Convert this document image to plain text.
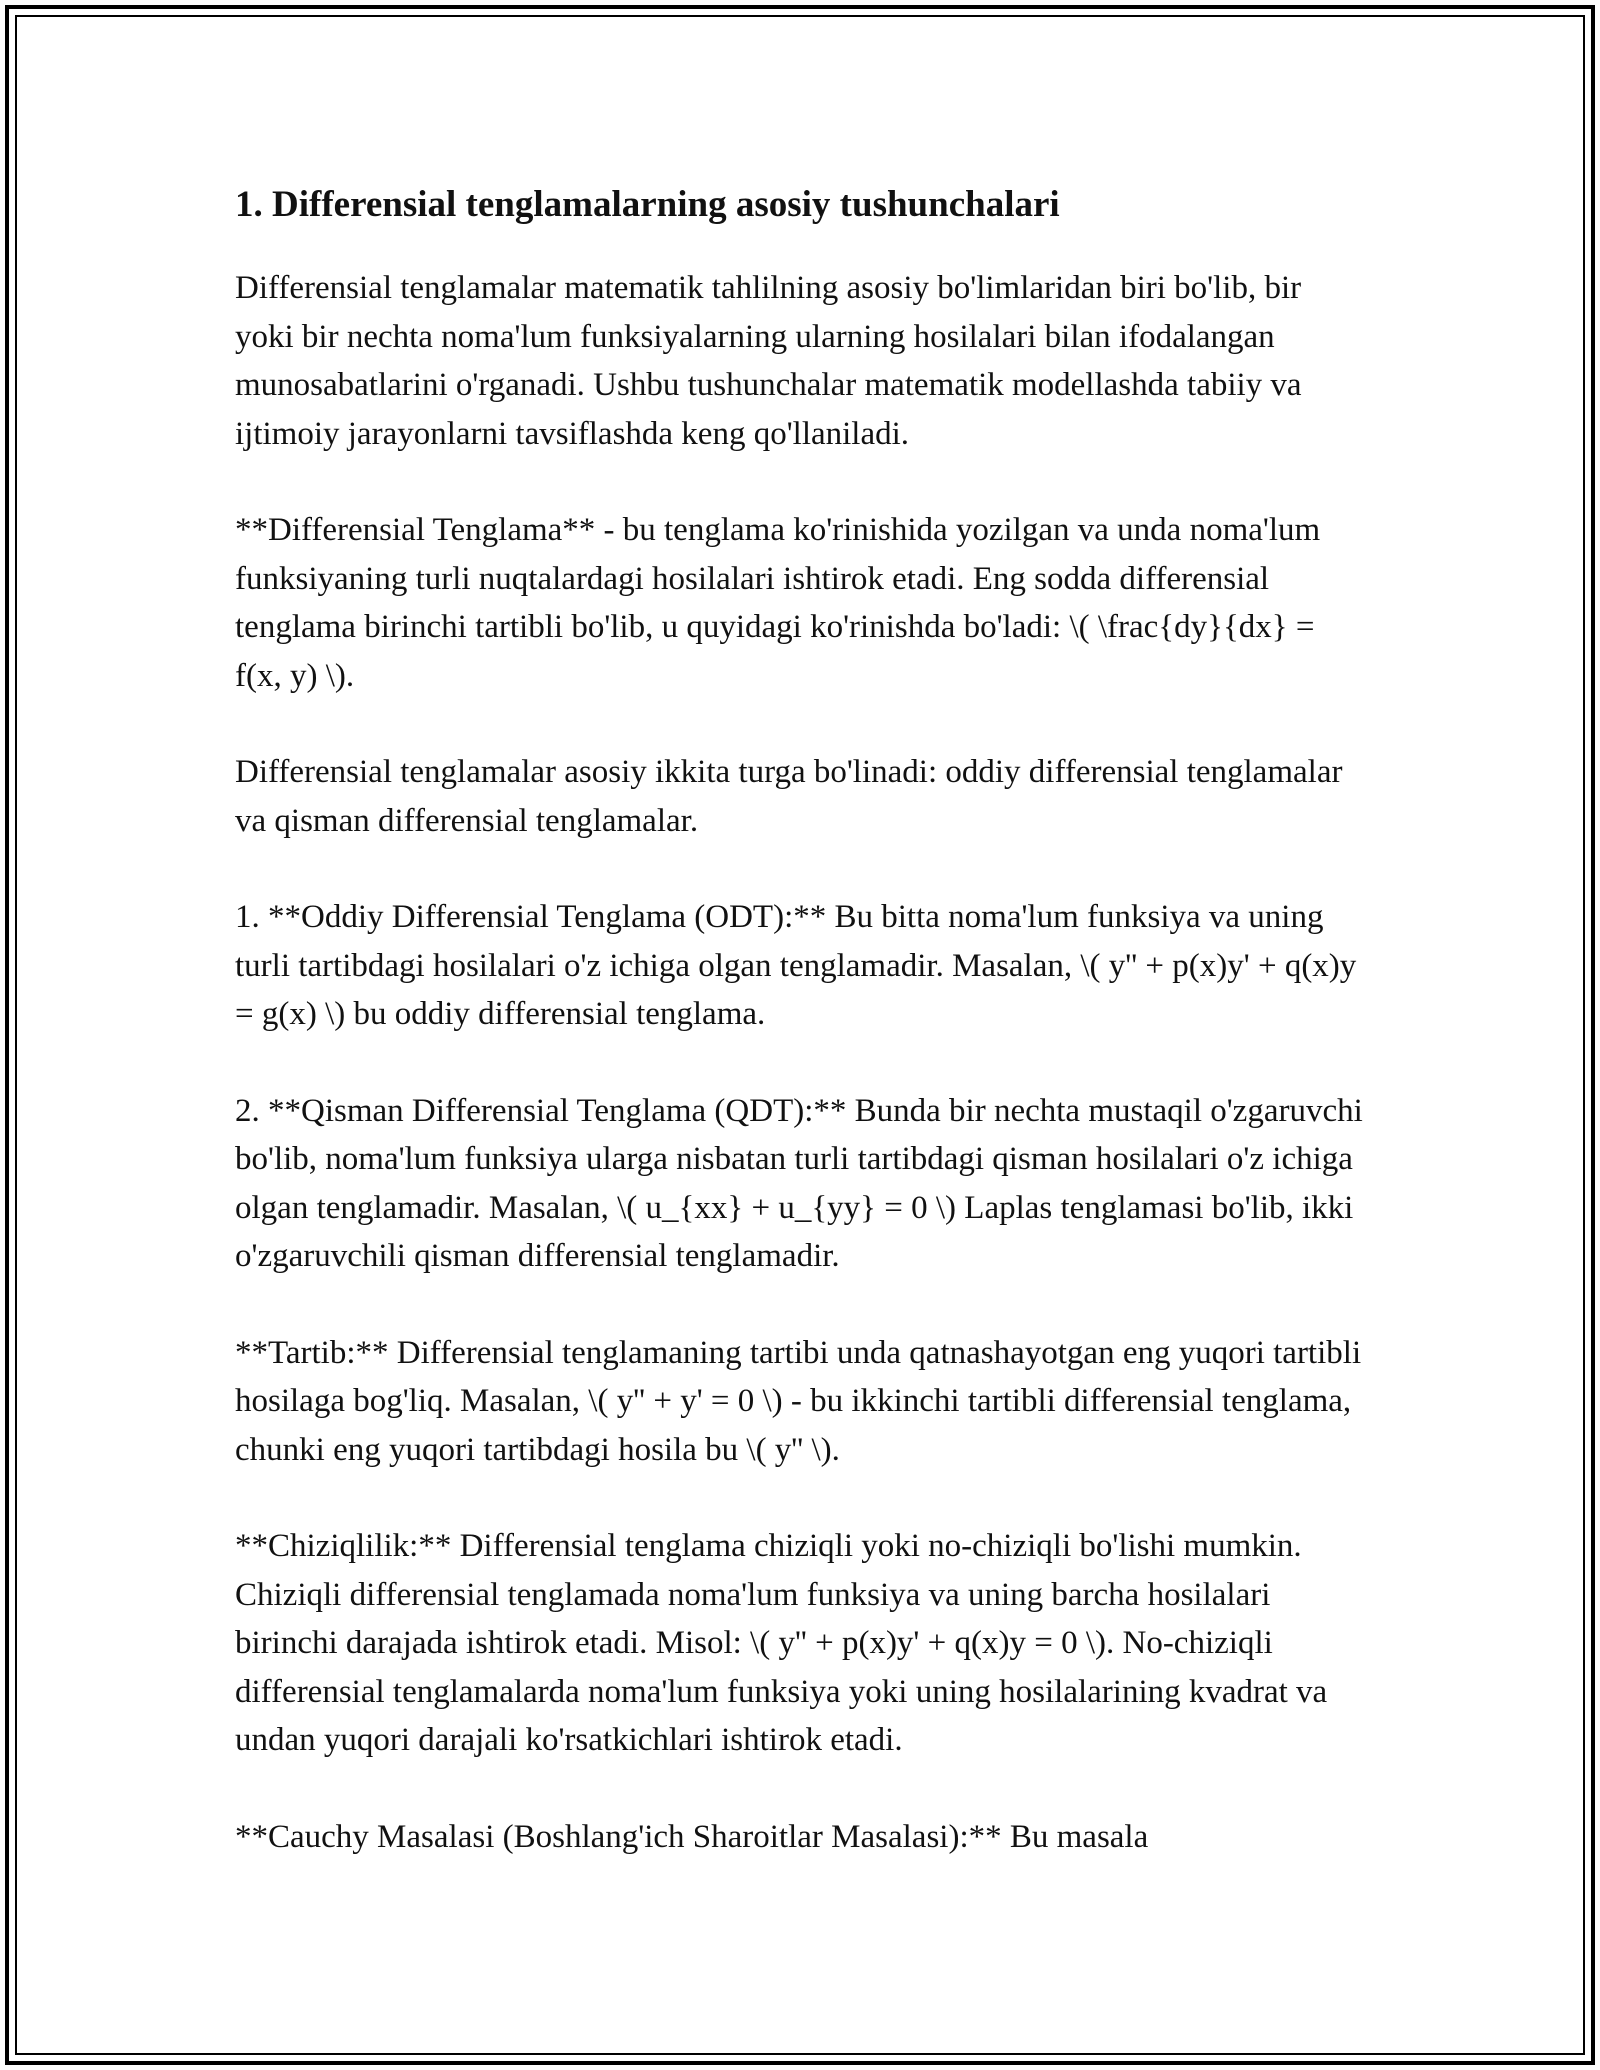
1. Differensial tenglamalarning asosiy tushunchalari

Differensial tenglamalar matematik tahlilning asosiy bo'limlaridan biri bo'lib, bir yoki bir nechta noma'lum funksiyalarning ularning hosilalari bilan ifodalangan munosabatlarini o'rganadi. Ushbu tushunchalar matematik modellashda tabiiy va ijtimoiy jarayonlarni tavsiflashda keng qo'llaniladi.

**Differensial Tenglama** - bu tenglama ko'rinishida yozilgan va unda noma'lum funksiyaning turli nuqtalardagi hosilalari ishtirok etadi. Eng sodda differensial tenglama birinchi tartibli bo'lib, u quyidagi ko'rinishda bo'ladi: \( \frac{dy}{dx} = f(x, y) \).

Differensial tenglamalar asosiy ikkita turga bo'linadi: oddiy differensial tenglamalar va qisman differensial tenglamalar.

1. **Oddiy Differensial Tenglama (ODT):** Bu bitta noma'lum funksiya va uning turli tartibdagi hosilalari o'z ichiga olgan tenglamadir. Masalan, \( y'' + p(x)y' + q(x)y = g(x) \) bu oddiy differensial tenglama.

2. **Qisman Differensial Tenglama (QDT):** Bunda bir nechta mustaqil o'zgaruvchi bo'lib, noma'lum funksiya ularga nisbatan turli tartibdagi qisman hosilalari o'z ichiga olgan tenglamadir. Masalan, \( u_{xx} + u_{yy} = 0 \) Laplas tenglamasi bo'lib, ikki o'zgaruvchili qisman differensial tenglamadir.

**Tartib:** Differensial tenglamaning tartibi unda qatnashayotgan eng yuqori tartibli hosilaga bog'liq. Masalan, \( y'' + y' = 0 \) - bu ikkinchi tartibli differensial tenglama, chunki eng yuqori tartibdagi hosila bu \( y'' \).

**Chiziqlilik:** Differensial tenglama chiziqli yoki no-chiziqli bo'lishi mumkin. Chiziqli differensial tenglamada noma'lum funksiya va uning barcha hosilalari birinchi darajada ishtirok etadi. Misol: \( y'' + p(x)y' + q(x)y = 0 \). No-chiziqli differensial tenglamalarda noma'lum funksiya yoki uning hosilalarining kvadrat va undan yuqori darajali ko'rsatkichlari ishtirok etadi.

**Cauchy Masalasi (Boshlang'ich Sharoitlar Masalasi):** Bu masala
